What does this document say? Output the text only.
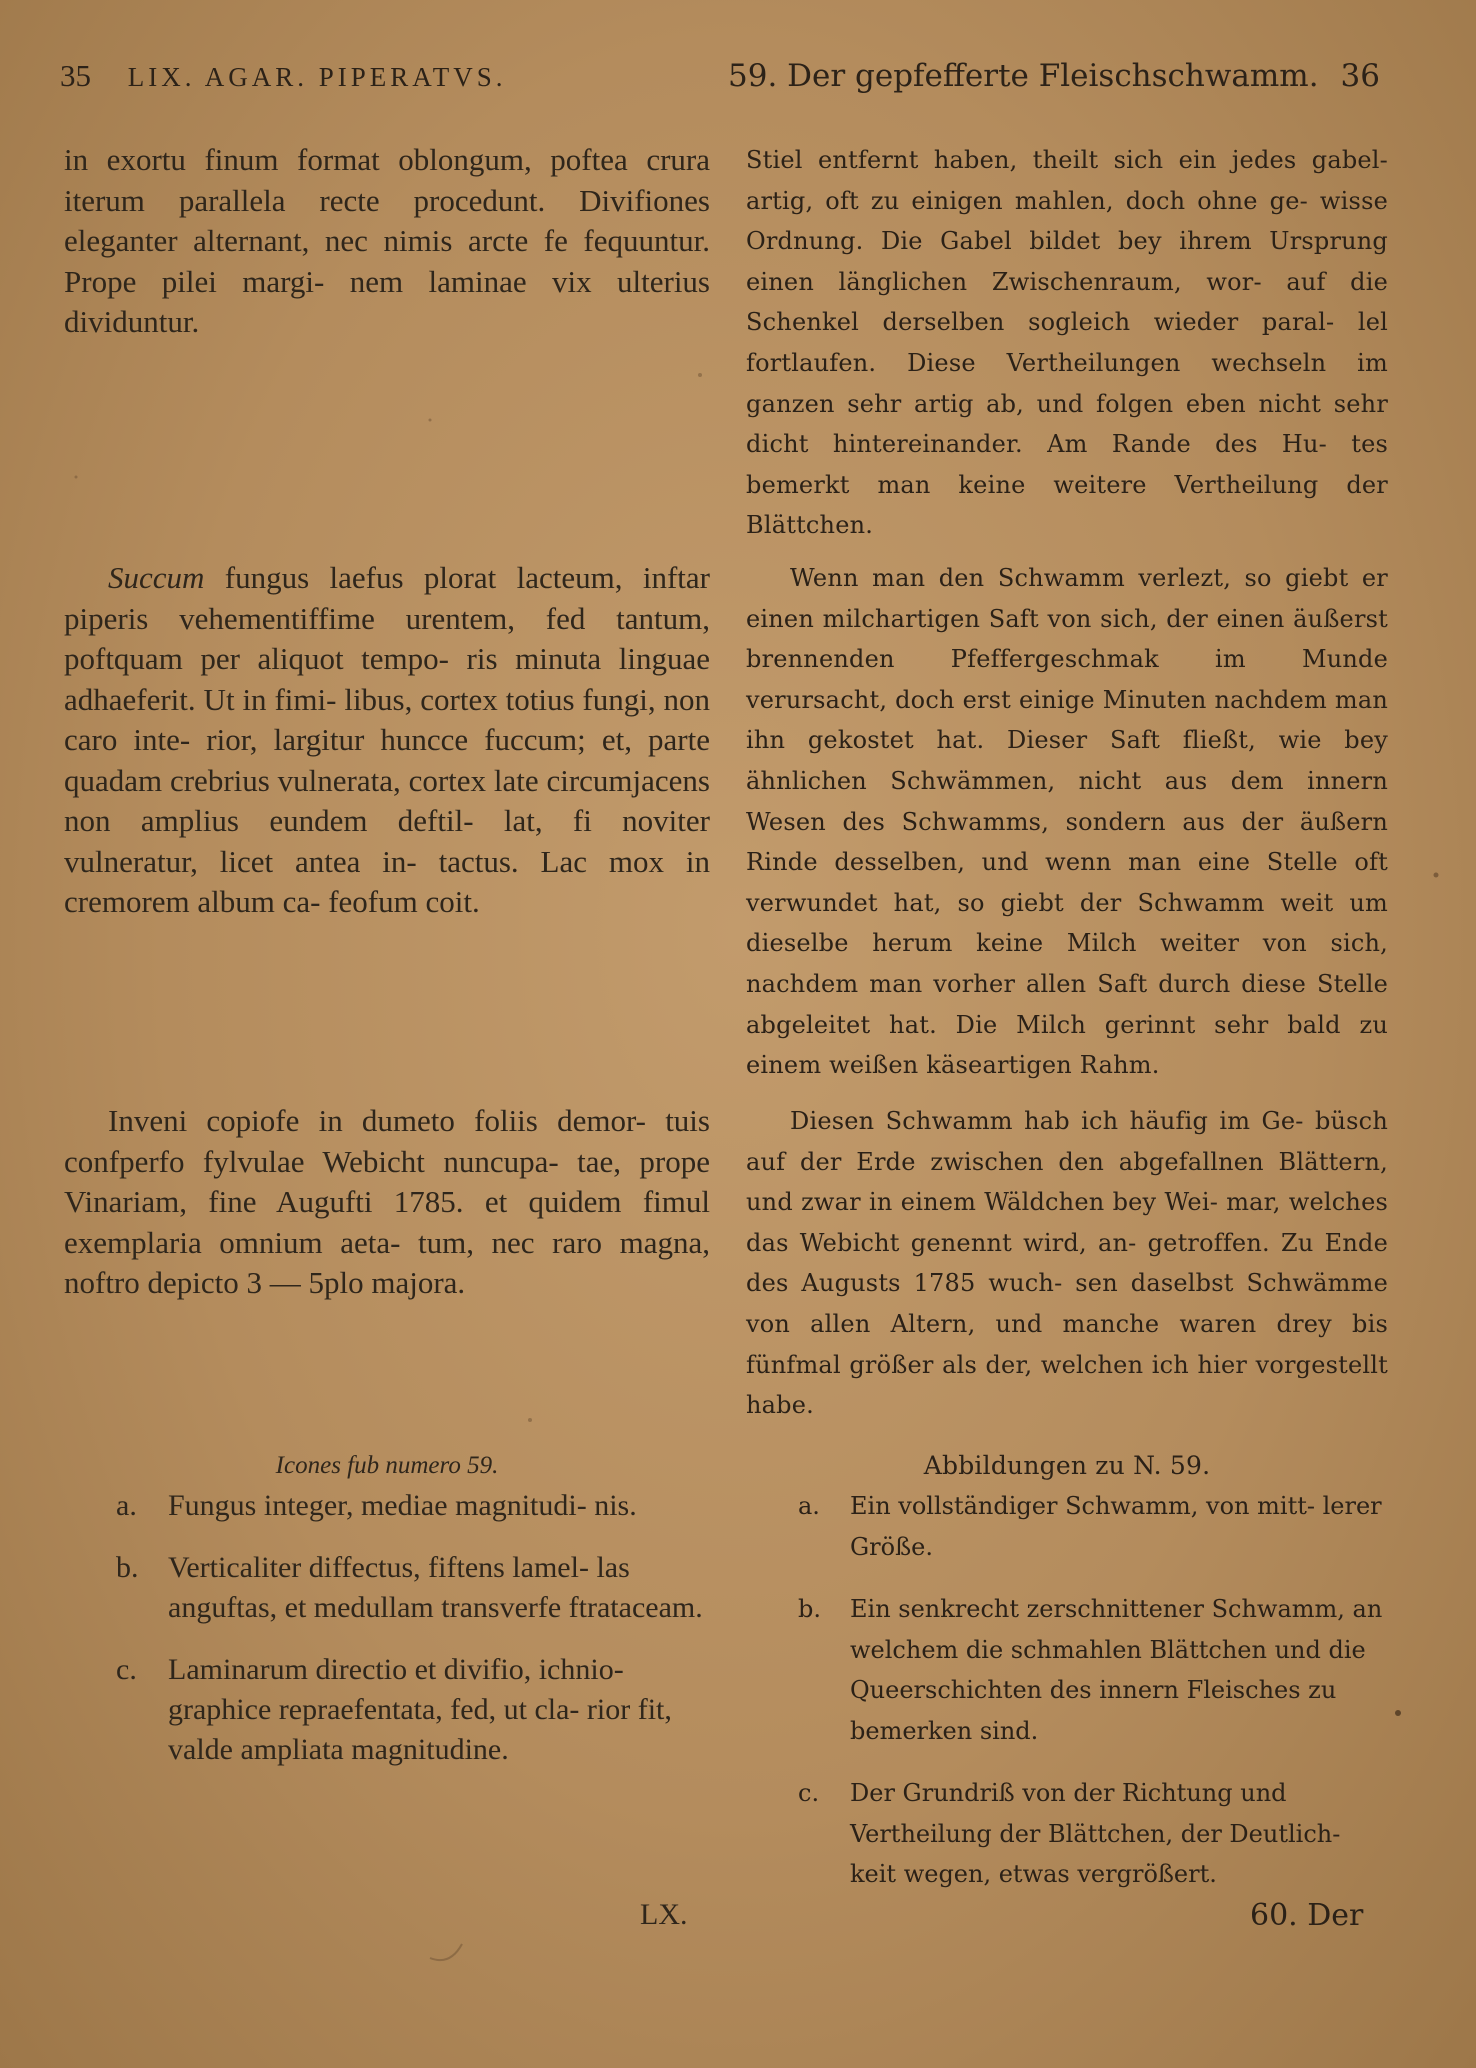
35 LIX. AGAR. PIPERATVS.	59. Der gepfefferte Fleischschwamm. 36

in exortu finum format oblongum, poftea crura iterum parallela recte procedunt. Divifiones eleganter alternant, nec nimis arcte fe fequuntur. Prope pilei margi- nem laminae vix ulterius dividuntur.

Succum fungus laefus plorat lacteum, inftar piperis vehementiffime urentem, fed tantum, poftquam per aliquot tempo- ris minuta linguae adhaeferit. Ut in fimi- libus, cortex totius fungi, non caro inte- rior, largitur huncce fuccum; et, parte quadam crebrius vulnerata, cortex late circumjacens non amplius eundem deftil- lat, fi noviter vulneratur, licet antea in- tactus. Lac mox in cremorem album ca- feofum coit.

Inveni copiofe in dumeto foliis demor- tuis confperfo fylvulae Webicht nuncupa- tae, prope Vinariam, fine Augufti 1785. et quidem fimul exemplaria omnium aeta- tum, nec raro magna, noftro depicto 3 — 5plo majora.

Icones fub numero 59.

a. Fungus integer, mediae magnitudi- nis.
b. Verticaliter diffectus, fiftens lamel- las anguftas, et medullam transverfe ftrataceam.
c. Laminarum directio et divifio, ichnio- graphice repraefentata, fed, ut cla- rior fit, valde ampliata magnitudine.
LX.

Stiel entfernt haben, theilt sich ein jedes gabel- artig, oft zu einigen mahlen, doch ohne ge- wisse Ordnung. Die Gabel bildet bey ihrem Ursprung einen länglichen Zwischenraum, wor- auf die Schenkel derselben sogleich wieder paral- lel fortlaufen. Diese Vertheilungen wechseln im ganzen sehr artig ab, und folgen eben nicht sehr dicht hintereinander. Am Rande des Hu- tes bemerkt man keine weitere Vertheilung der Blättchen.

Wenn man den Schwamm verlezt, so giebt er einen milchartigen Saft von sich, der einen äußerst brennenden Pfeffergeschmak im Munde verursacht, doch erst einige Minuten nachdem man ihn gekostet hat. Dieser Saft fließt, wie bey ähnlichen Schwämmen, nicht aus dem innern Wesen des Schwamms, sondern aus der äußern Rinde desselben, und wenn man eine Stelle oft verwundet hat, so giebt der Schwamm weit um dieselbe herum keine Milch weiter von sich, nachdem man vorher allen Saft durch diese Stelle abgeleitet hat. Die Milch gerinnt sehr bald zu einem weißen käseartigen Rahm.

Diesen Schwamm hab ich häufig im Ge- büsch auf der Erde zwischen den abgefallnen Blättern, und zwar in einem Wäldchen bey Wei- mar, welches das Webicht genennt wird, an- getroffen. Zu Ende des Augusts 1785 wuch- sen daselbst Schwämme von allen Altern, und manche waren drey bis fünfmal größer als der, welchen ich hier vorgestellt habe.

Abbildungen zu N. 59.

a. Ein vollständiger Schwamm, von mitt- lerer Größe.
b. Ein senkrecht zerschnittener Schwamm, an welchem die schmahlen Blättchen und die Queerschichten des innern Fleisches zu bemerken sind.
c. Der Grundriß von der Richtung und Vertheilung der Blättchen, der Deutlich- keit wegen, etwas vergrößert.
60. Der
